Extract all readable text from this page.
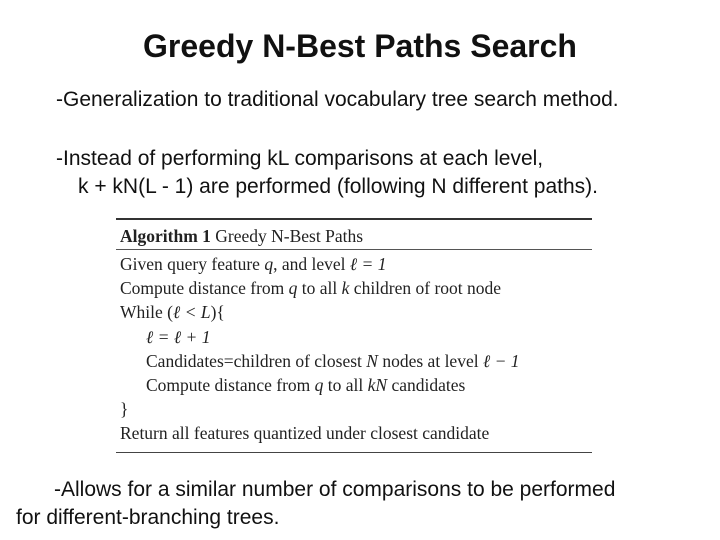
Greedy N-Best Paths Search
-Generalization to traditional vocabulary tree search method.
-Instead of performing kL comparisons at each level,
k + kN(L - 1) are performed (following N different paths).
Algorithm 1 Greedy N-Best Paths
Given query feature q, and level ℓ = 1
Compute distance from q to all k children of root node
While (ℓ < L){
ℓ = ℓ + 1
Candidates=children of closest N nodes at level ℓ − 1
Compute distance from q to all kN candidates
}
Return all features quantized under closest candidate
-Allows for a similar number of comparisons to be performed
for different-branching trees.
